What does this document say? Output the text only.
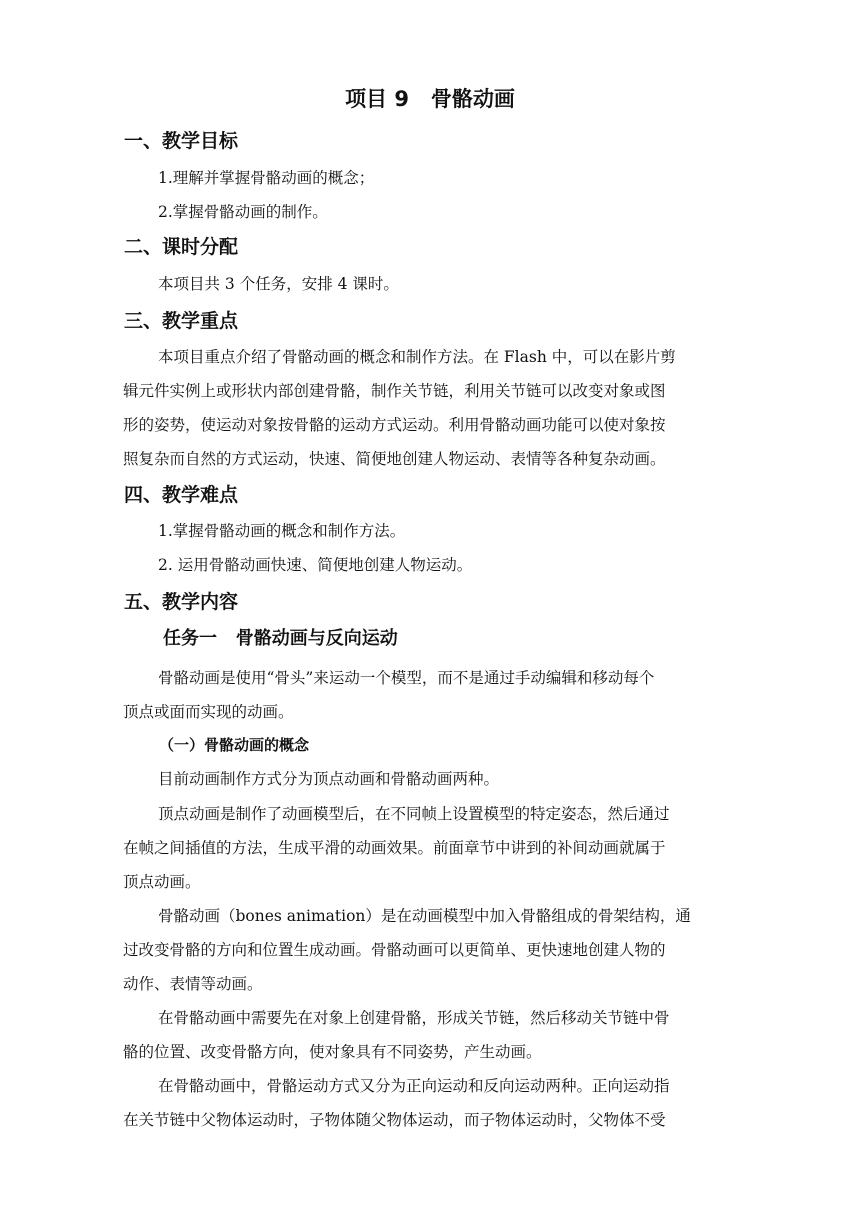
项目 9   骨骼动画
一、教学目标
1.理解并掌握骨骼动画的概念；
2.掌握骨骼动画的制作。
二、课时分配
本项目共 3 个任务，安排 4 课时。
三、教学重点
本项目重点介绍了骨骼动画的概念和制作方法。在 Flash 中，可以在影片剪
辑元件实例上或形状内部创建骨骼，制作关节链，利用关节链可以改变对象或图
形的姿势，使运动对象按骨骼的运动方式运动。利用骨骼动画功能可以使对象按
照复杂而自然的方式运动，快速、简便地创建人物运动、表情等各种复杂动画。
四、教学难点
1.掌握骨骼动画的概念和制作方法。
2. 运用骨骼动画快速、简便地创建人物运动。
五、教学内容
任务一   骨骼动画与反向运动
骨骼动画是使用“骨头”来运动一个模型，而不是通过手动编辑和移动每个
顶点或面而实现的动画。
（一）骨骼动画的概念
目前动画制作方式分为顶点动画和骨骼动画两种。
顶点动画是制作了动画模型后，在不同帧上设置模型的特定姿态，然后通过
在帧之间插值的方法，生成平滑的动画效果。前面章节中讲到的补间动画就属于
顶点动画。
骨骼动画（bones animation）是在动画模型中加入骨骼组成的骨架结构，通
过改变骨骼的方向和位置生成动画。骨骼动画可以更简单、更快速地创建人物的
动作、表情等动画。
在骨骼动画中需要先在对象上创建骨骼，形成关节链，然后移动关节链中骨
骼的位置、改变骨骼方向，使对象具有不同姿势，产生动画。
在骨骼动画中，骨骼运动方式又分为正向运动和反向运动两种。正向运动指
在关节链中父物体运动时，子物体随父物体运动，而子物体运动时，父物体不受
